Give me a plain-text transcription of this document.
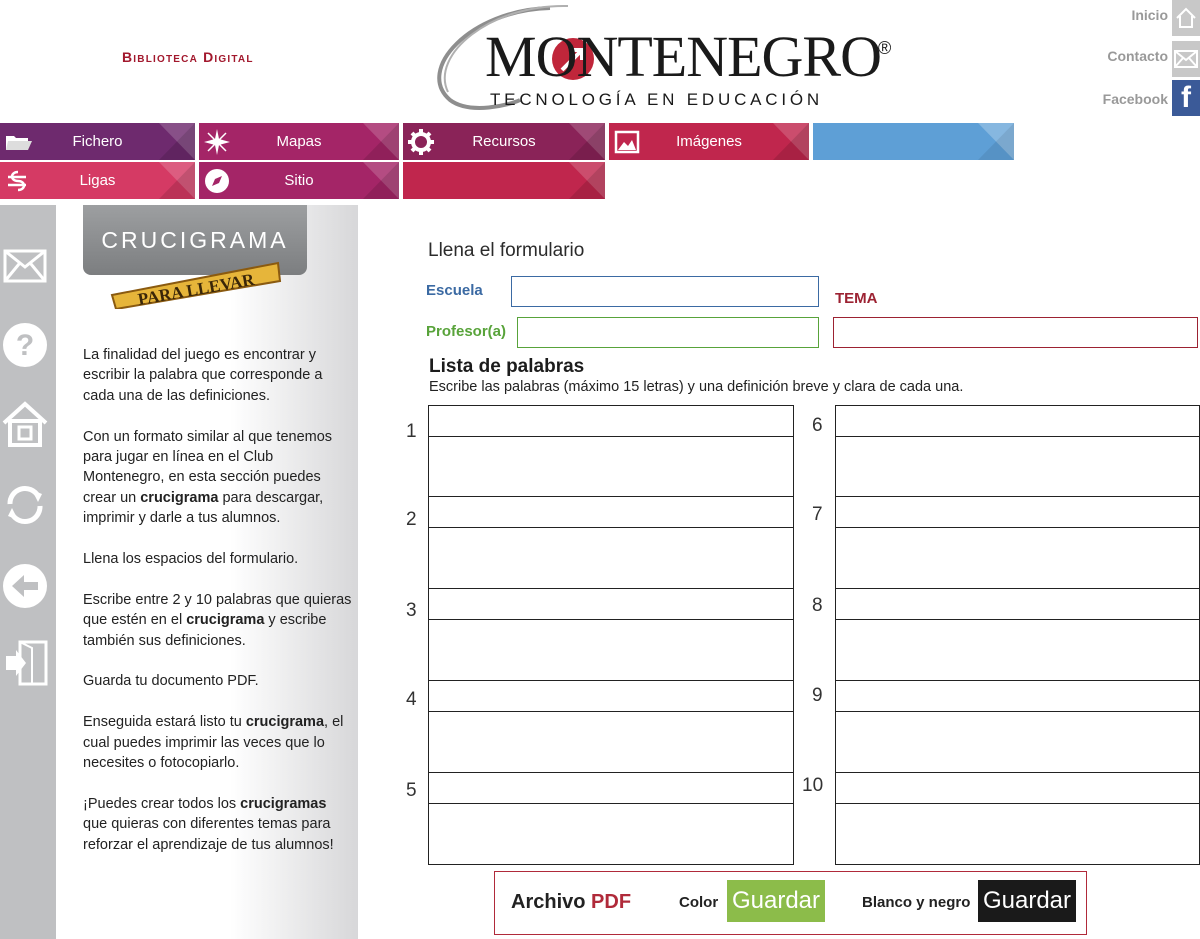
Biblioteca Digital	MONTENEGRO
®
TECNOLOGÍA EN EDUCACIÓN
Inicio
Contacto
Facebook f
Fichero	Mapas	Recursos	Imágenes
Ligas	Sitio
?
CRUCIGRAMA
PARA LLEVAR

La finalidad del juego es encontrar y escribir la palabra que corresponde a cada una de las definiciones.

Con un formato similar al que tenemos para jugar en línea en el Club Montenegro, en esta sección puedes crear un crucigrama para descargar, imprimir y darle a tus alumnos.

Llena los espacios del formulario.

Escribe entre 2 y 10 palabras que quieras que estén en el crucigrama y escribe también sus definiciones.

Guarda tu documento PDF.

Enseguida estará listo tu crucigrama, el cual puedes imprimir las veces que lo necesites o fotocopiarlo.

¡Puedes crear todos los crucigramas que quieras con diferentes temas para reforzar el aprendizaje de tus alumnos!

Llena el formulario
Escuela	TEMA
Profesor(a)
Lista de palabras
Escribe las palabras (máximo 15 letras) y una definición breve y clara de cada una.
1
2
3
4
5
6
7
8
9
10
Archivo PDF	Color Guardar	Blanco y negro Guardar
